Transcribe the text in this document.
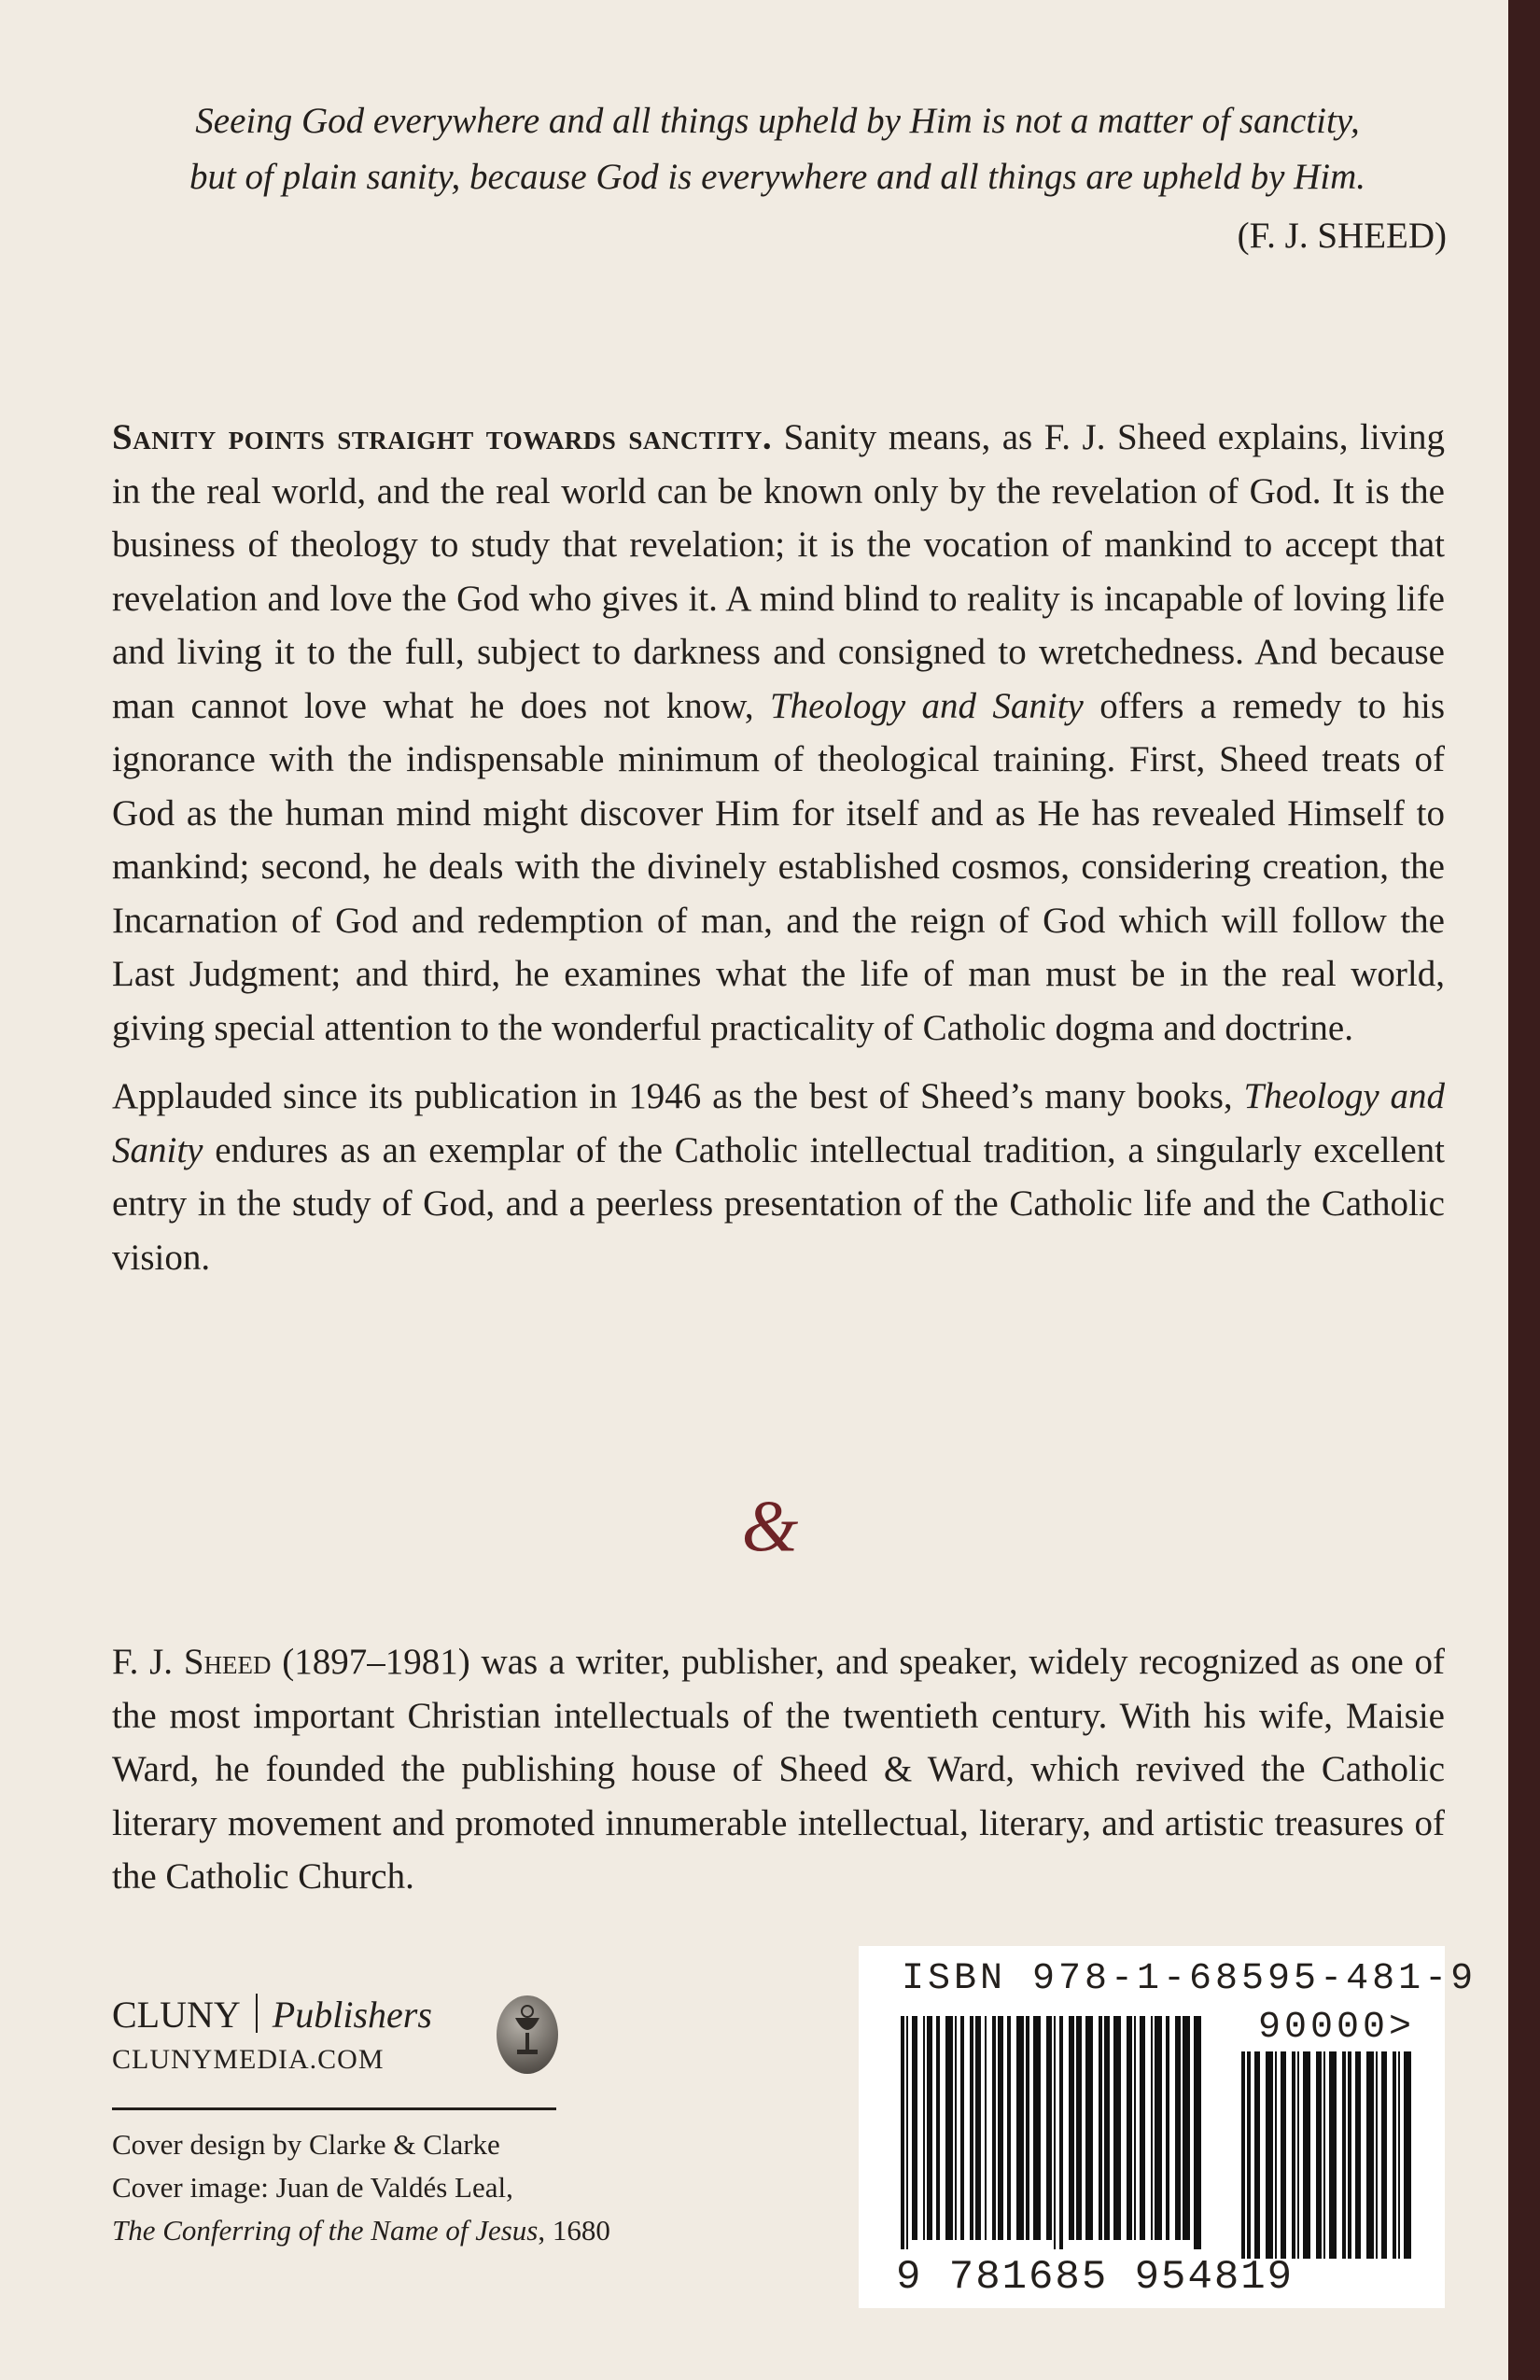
Seeing God everywhere and all things upheld by Him is not a matter of sanctity,
but of plain sanity, because God is everywhere and all things are upheld by Him.
(F. J. SHEED)

Sanity points straight towards sanctity. Sanity means, as F. J. Sheed explains, living in the real world, and the real world can be known only by the revelation of God. It is the business of theology to study that revelation; it is the vocation of mankind to accept that revelation and love the God who gives it. A mind blind to reality is incapable of loving life and living it to the full, subject to darkness and consigned to wretchedness. And because man cannot love what he does not know, Theology and Sanity offers a remedy to his ignorance with the indispensable minimum of theological training. First, Sheed treats of God as the human mind might discover Him for itself and as He has revealed Himself to mankind; second, he deals with the divinely established cosmos, considering creation, the Incarnation of God and redemption of man, and the reign of God which will follow the Last Judgment; and third, he examines what the life of man must be in the real world, giving special attention to the wonderful practicality of Catholic dogma and doctrine.

Applauded since its publication in 1946 as the best of Sheed’s many books, Theology and Sanity endures as an exemplar of the Catholic intellectual tradition, a singularly excellent entry in the study of God, and a peerless presentation of the Catholic life and the Catholic vision.

&

F. J. Sheed (1897–1981) was a writer, publisher, and speaker, widely recognized as one of the most important Christian intellectuals of the twentieth century. With his wife, Maisie Ward, he founded the publishing house of Sheed & Ward, which revived the Catholic literary movement and promoted innumerable intellectual, literary, and artistic treasures of the Catholic Church.

CLUNY Publishers
CLUNYMEDIA.COM
Cover design by Clarke & Clarke
Cover image: Juan de Valdés Leal,
The Conferring of the Name of Jesus, 1680
ISBN 978-1-68595-481-9
90000>
9 781685 954819
